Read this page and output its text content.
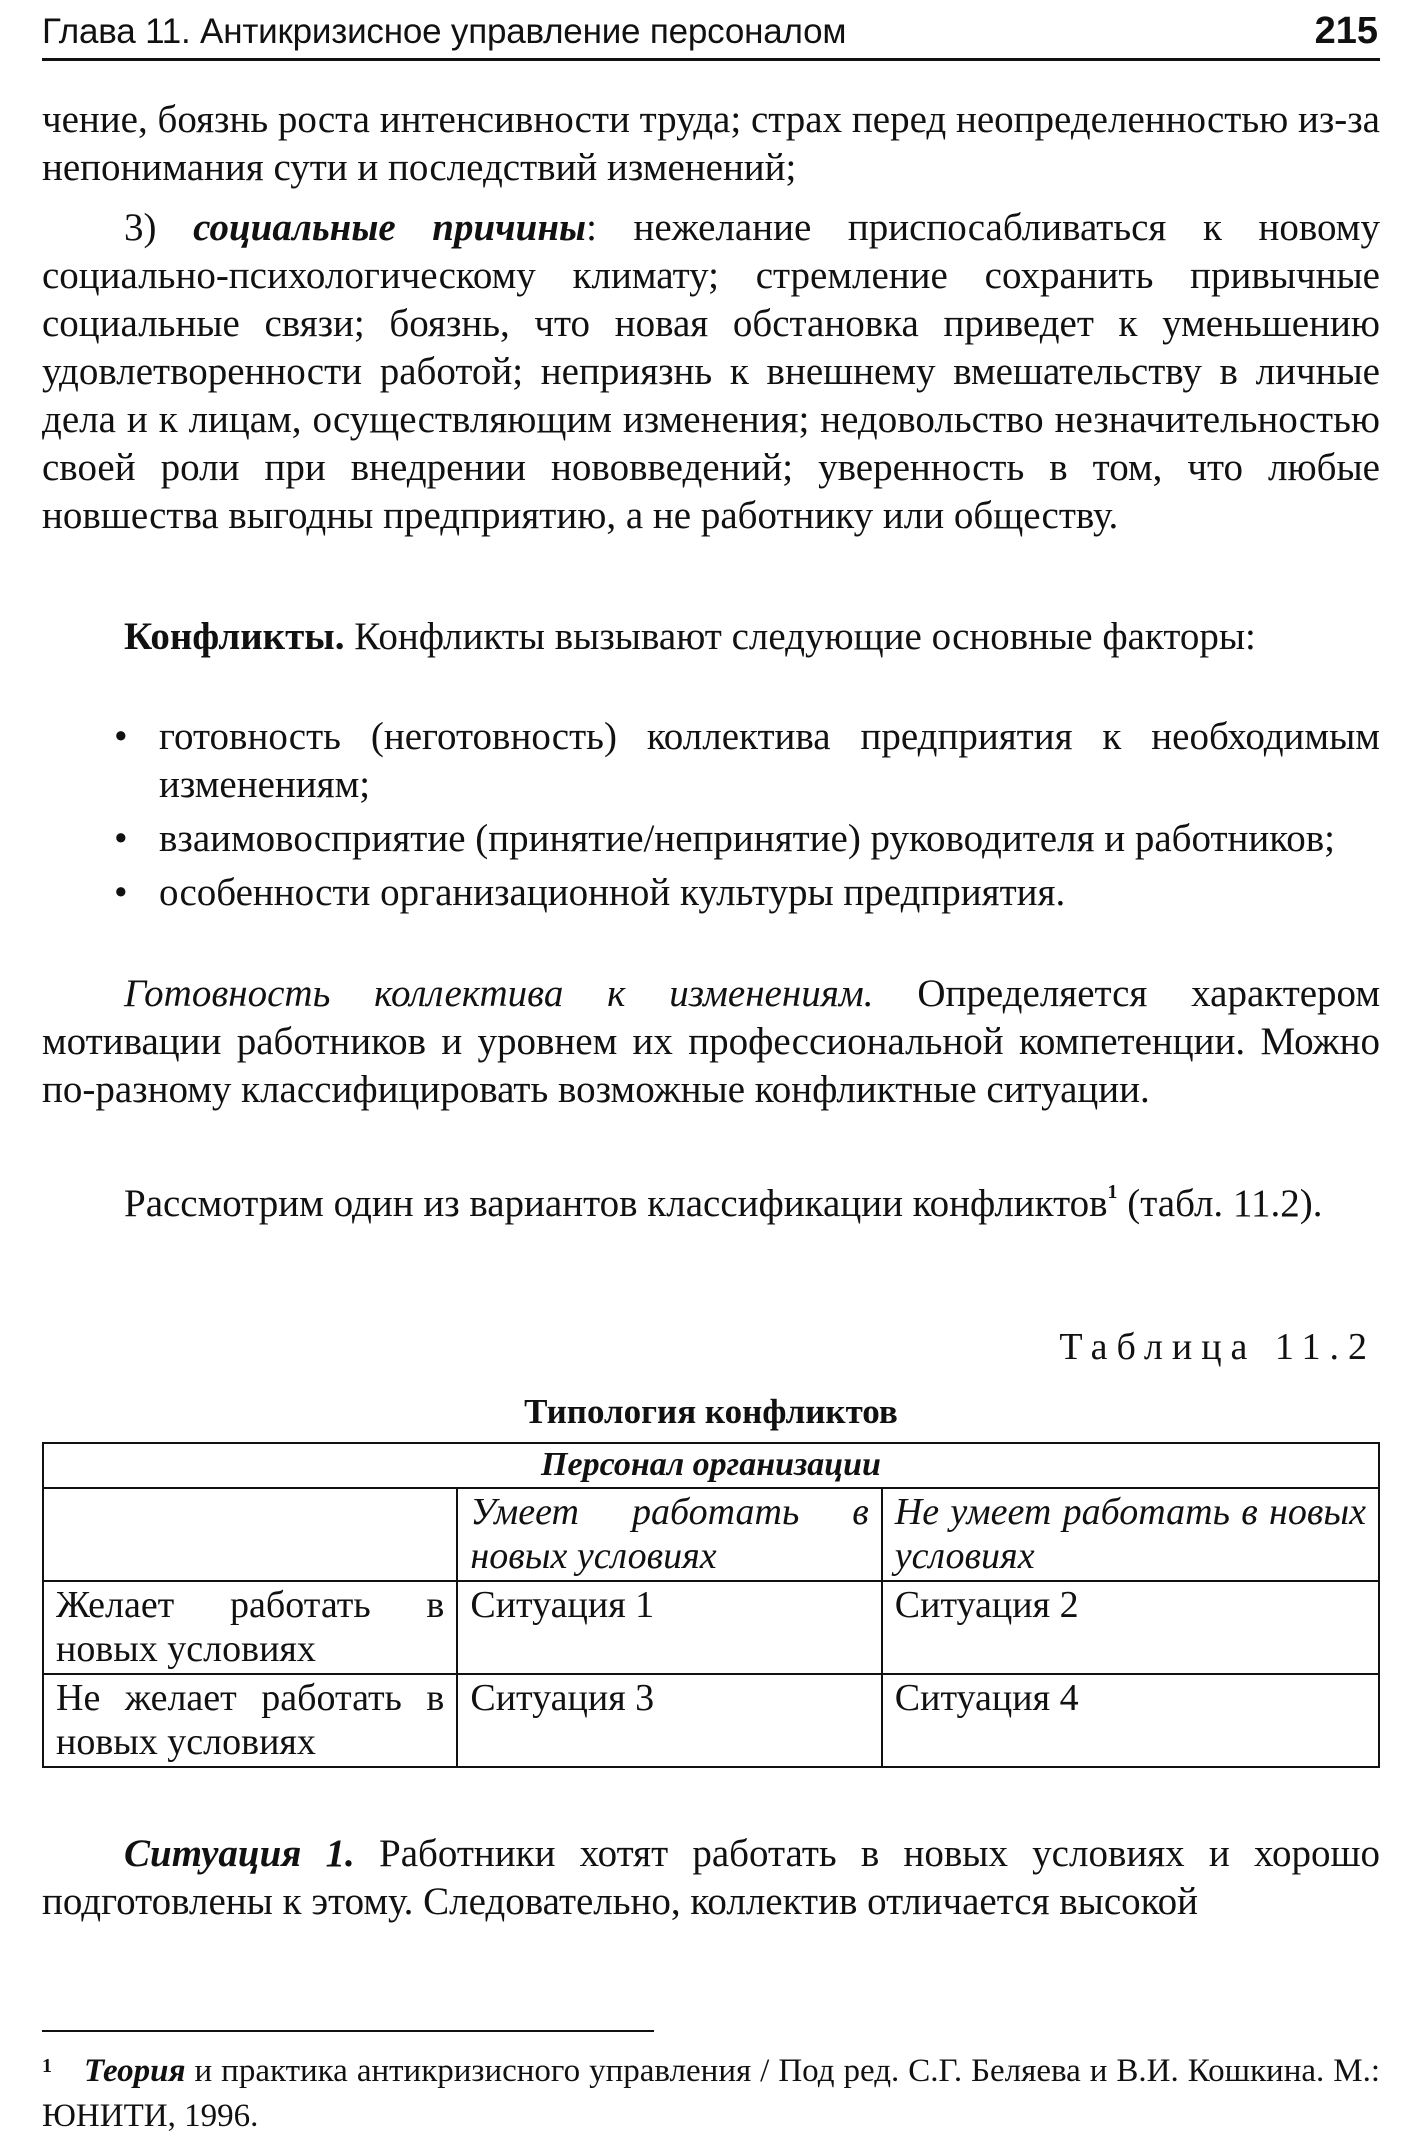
Глава 11. Антикризисное управление персоналом	215

чение, боязнь роста интенсивности труда; страх перед неопределенностью из-за непонимания сути и последствий изменений;

3) социальные причины: нежелание приспосабливаться к новому социально-психологическому климату; стремление сохранить привычные социальные связи; боязнь, что новая обстановка приведет к уменьшению удовлетворенности работой; неприязнь к внешнему вмешательству в личные дела и к лицам, осуществляющим изменения; недовольство незначительностью своей роли при внедрении нововведений; уверенность в том, что любые новшества выгодны предприятию, а не работнику или обществу.

Конфликты. Конфликты вызывают следующие основные факторы:

• готовность (неготовность) коллектива предприятия к необходимым изменениям;
• взаимовосприятие (принятие/непринятие) руководителя и работников;
• особенности организационной культуры предприятия.

Готовность коллектива к изменениям. Определяется характером мотивации работников и уровнем их профессиональной компетенции. Можно по-разному классифицировать возможные конфликтные ситуации.

Рассмотрим один из вариантов классификации конфликтов$^1$ (табл. 11.2).

Таблица 11.2
Типология конфликтов
Персонал организации		
	Умеет работать в новых условиях	Не умеет работать в новых условиях
Желает работать в новых условиях	Ситуация 1	Ситуация 2
Не желает работать в новых условиях	Ситуация 3	Ситуация 4

Ситуация 1. Работники хотят работать в новых условиях и хорошо подготовлены к этому. Следовательно, коллектив отличается высокой

1 Теория и практика антикризисного управления / Под ред. С.Г. Беляева и В.И. Кошкина. М.: ЮНИТИ, 1996.
